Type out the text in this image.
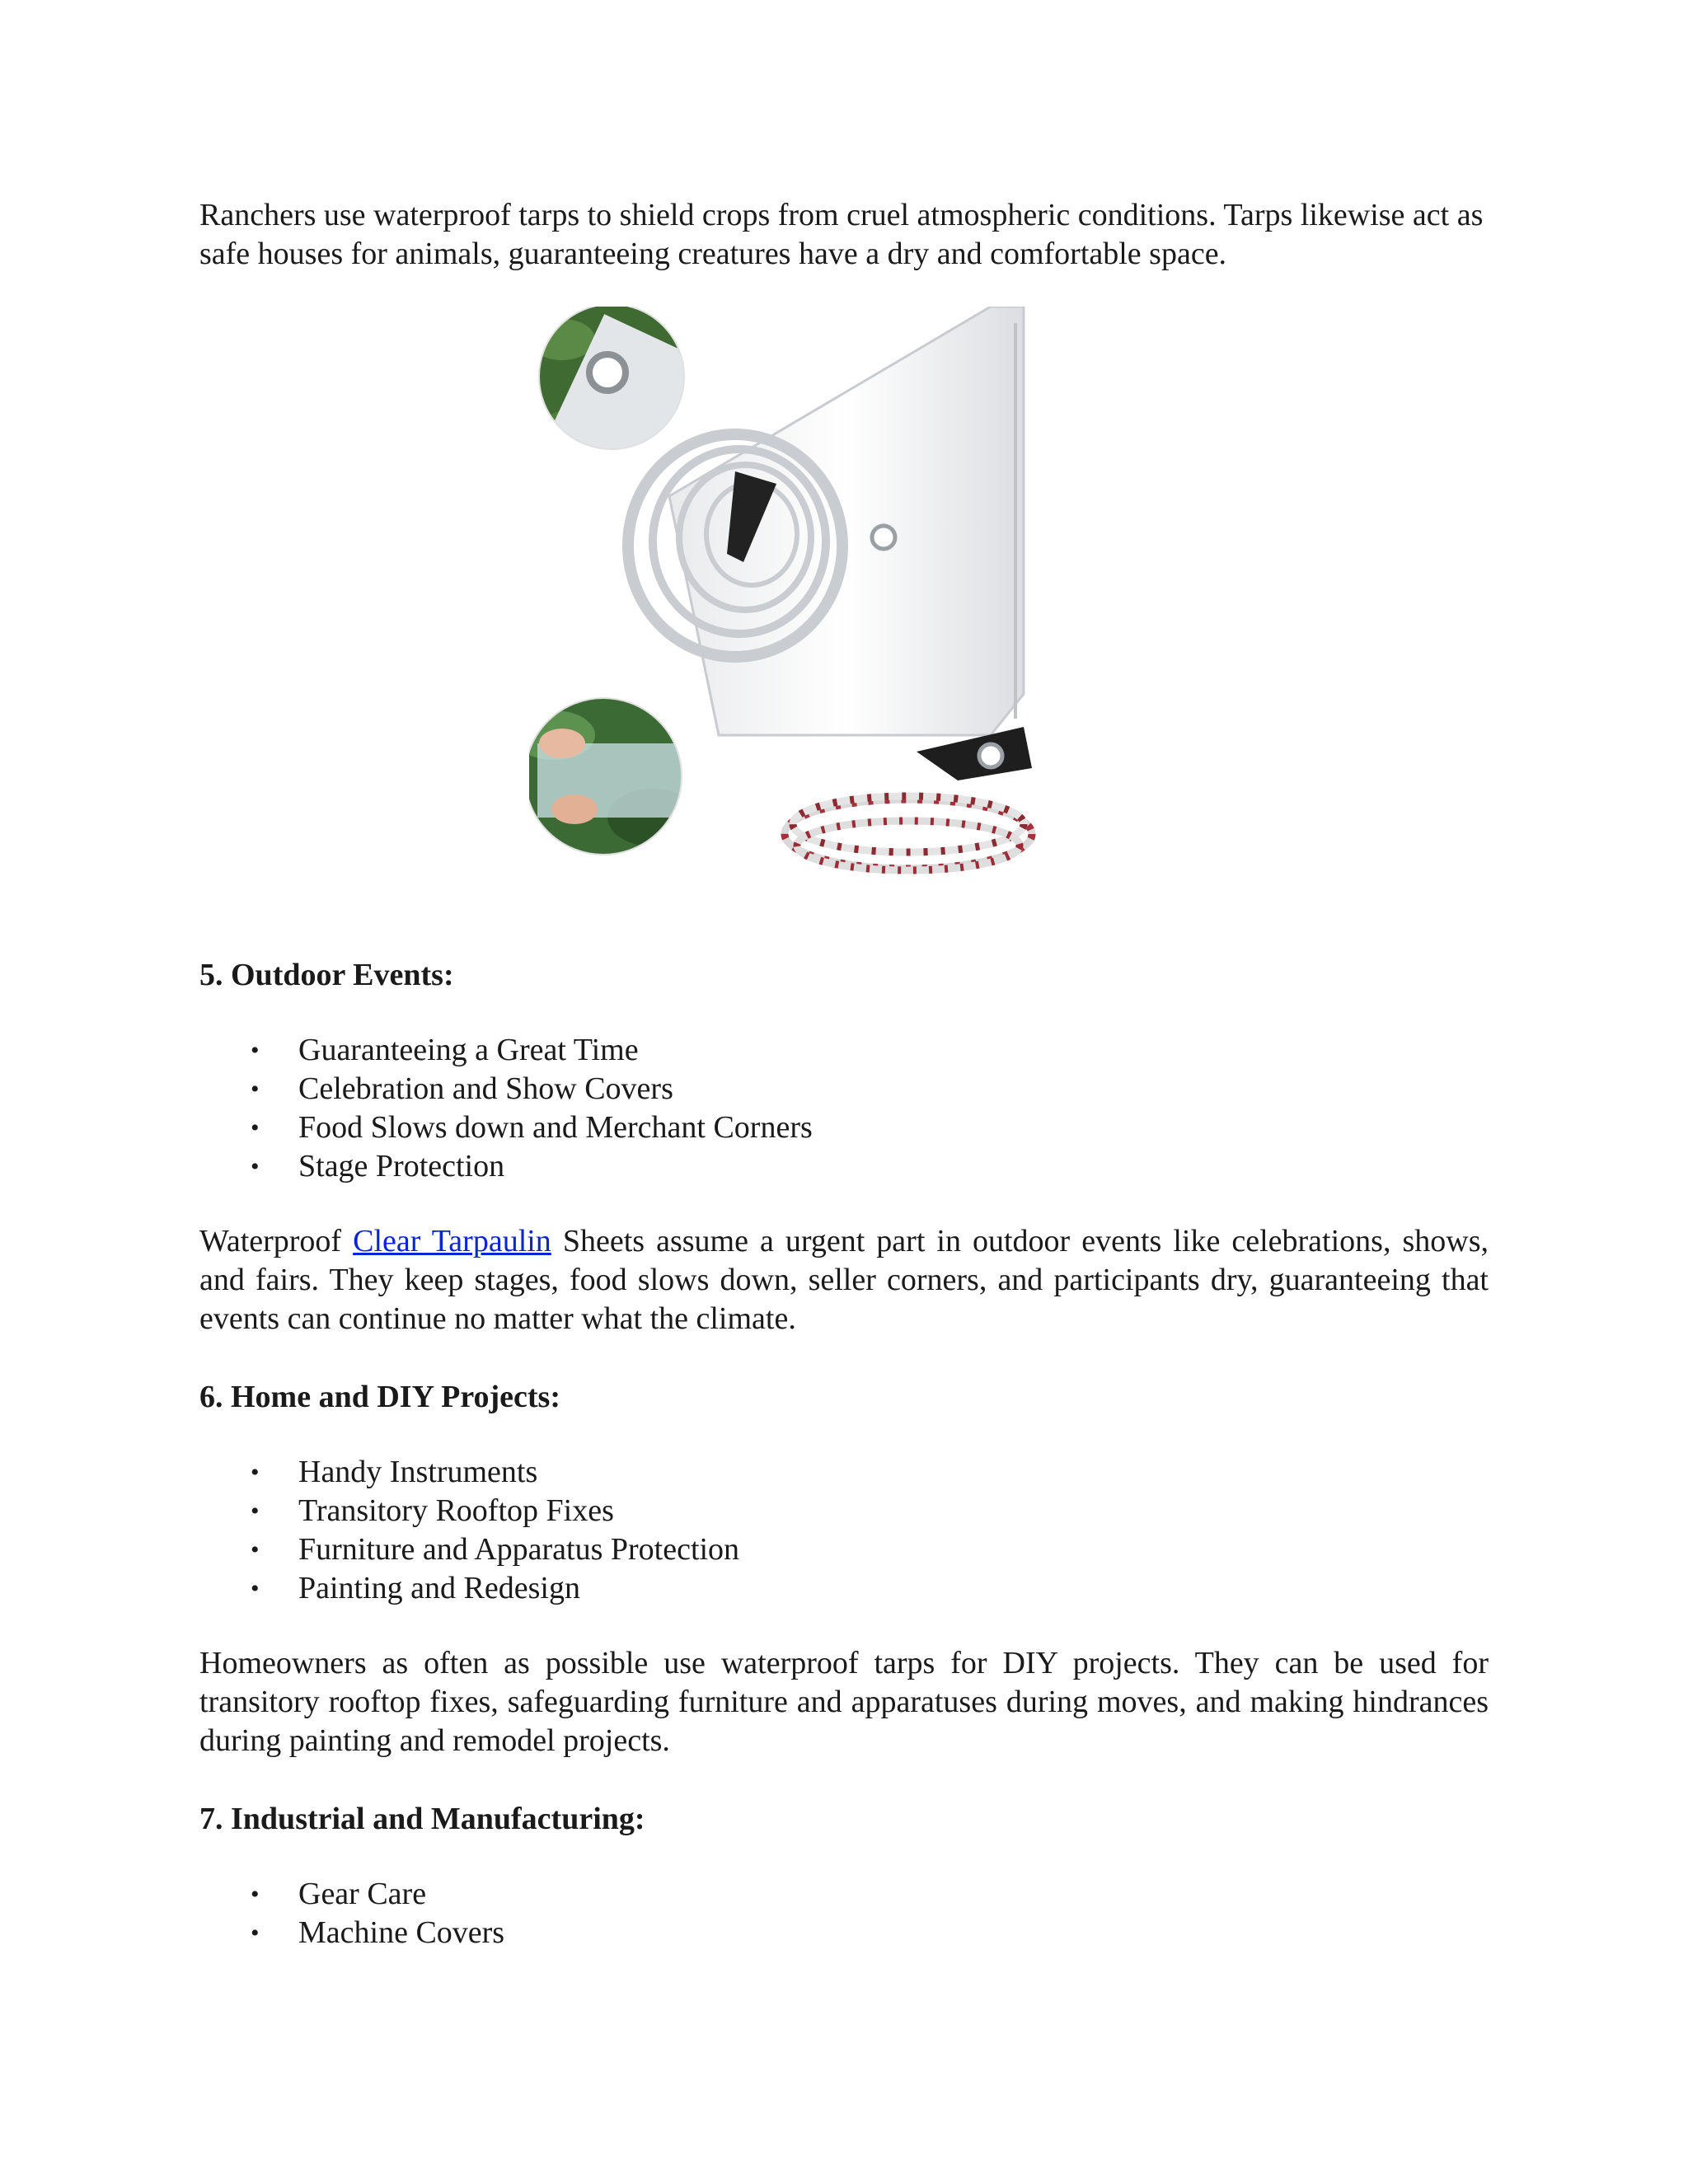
Ranchers use waterproof tarps to shield crops from cruel atmospheric conditions. Tarps likewise act as safe houses for animals, guaranteeing creatures have a dry and comfortable space.

5. Outdoor Events:
• Guaranteeing a Great Time
• Celebration and Show Covers
• Food Slows down and Merchant Corners
• Stage Protection

Waterproof Clear Tarpaulin Sheets assume a urgent part in outdoor events like celebrations, shows, and fairs. They keep stages, food slows down, seller corners, and participants dry, guaranteeing that events can continue no matter what the climate.

6. Home and DIY Projects:
• Handy Instruments
• Transitory Rooftop Fixes
• Furniture and Apparatus Protection
• Painting and Redesign

Homeowners as often as possible use waterproof tarps for DIY projects. They can be used for transitory rooftop fixes, safeguarding furniture and apparatuses during moves, and making hindrances during painting and remodel projects.

7. Industrial and Manufacturing:
• Gear Care
• Machine Covers
